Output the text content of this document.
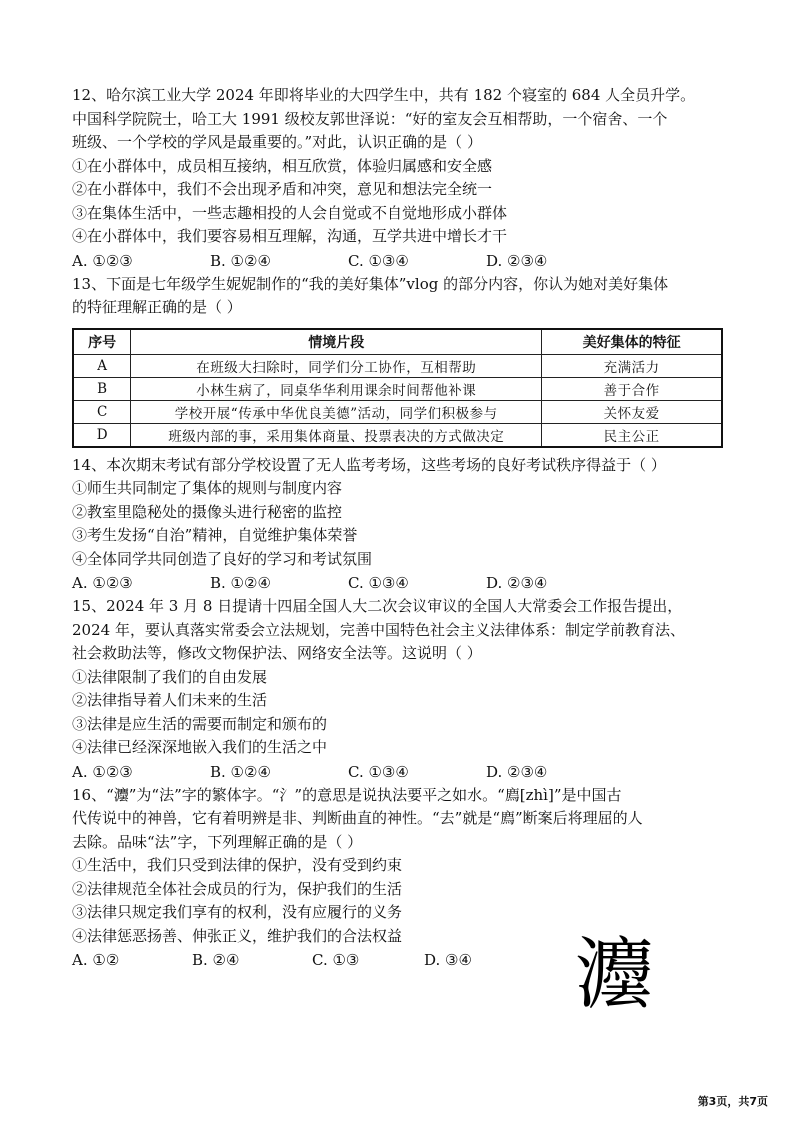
12、哈尔滨工业大学 2024 年即将毕业的大四学生中，共有 182 个寝室的 684 人全员升学。
中国科学院院士，哈工大 1991 级校友郭世泽说：“好的室友会互相帮助，一个宿舍、一个
班级、一个学校的学风是最重要的。”对此，认识正确的是（ ）
①在小群体中，成员相互接纳，相互欣赏，体验归属感和安全感
②在小群体中，我们不会出现矛盾和冲突，意见和想法完全统一
③在集体生活中，一些志趣相投的人会自觉或不自觉地形成小群体
④在小群体中，我们要容易相互理解，沟通，互学共进中增长才干
A. ①②③	B. ①②④	C. ①③④	D. ②③④
13、下面是七年级学生妮妮制作的“我的美好集体”vlog 的部分内容，你认为她对美好集体
的特征理解正确的是（ ）
序号	情境片段	美好集体的特征
A	在班级大扫除时，同学们分工协作，互相帮助	充满活力
B	小林生病了，同桌华华利用课余时间帮他补课	善于合作
C	学校开展“传承中华优良美德”活动，同学们积极参与	关怀友爱
D	班级内部的事，采用集体商量、投票表决的方式做决定	民主公正
14、本次期末考试有部分学校设置了无人监考考场，这些考场的良好考试秩序得益于（ ）
①师生共同制定了集体的规则与制度内容
②教室里隐秘处的摄像头进行秘密的监控
③考生发扬“自治”精神，自觉维护集体荣誉
④全体同学共同创造了良好的学习和考试氛围
A. ①②③	B. ①②④	C. ①③④	D. ②③④
15、2024 年 3 月 8 日提请十四届全国人大二次会议审议的全国人大常委会工作报告提出，
2024 年，要认真落实常委会立法规划，完善中国特色社会主义法律体系：制定学前教育法、
社会救助法等，修改文物保护法、网络安全法等。这说明（ ）
①法律限制了我们的自由发展
②法律指导着人们未来的生活
③法律是应生活的需要而制定和颁布的
④法律已经深深地嵌入我们的生活之中
A. ①②③	B. ①②④	C. ①③④	D. ②③④
16、“灋”为“法”字的繁体字。“氵”的意思是说执法要平之如水。“廌[zhì]”是中国古
代传说中的神兽，它有着明辨是非、判断曲直的神性。“去”就是“廌”断案后将理屈的人
去除。品味“法”字，下列理解正确的是（ ）
①生活中，我们只受到法律的保护，没有受到约束
②法律规范全体社会成员的行为，保护我们的生活
③法律只规定我们享有的权利，没有应履行的义务
④法律惩恶扬善、伸张正义，维护我们的合法权益
A. ①②	B. ②④	C. ①③	D. ③④	灋
第3页，共7页
